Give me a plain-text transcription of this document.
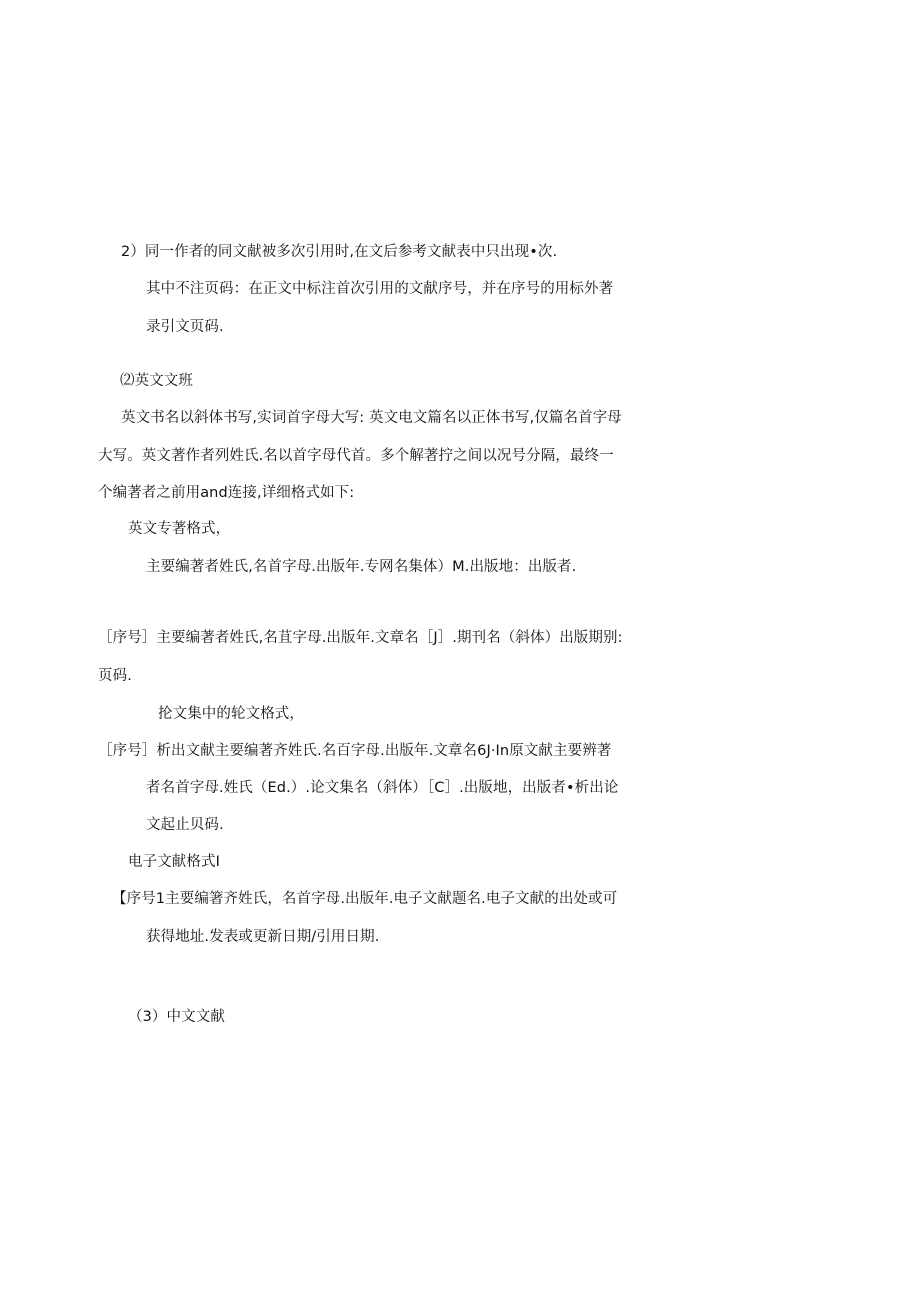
2）同一作者的同文献被多次引用时,在文后参考文献表中只出现•次.
其中不注页码：在正文中标注首次引用的文献序号，并在序号的用标外著
录引文页码.
⑵英文文班
英文书名以斜体书写,实词首字母大写: 英文电文篇名以正体书写,仅篇名首字母
大写。英文著作者列姓氏.名以首字母代首。多个解著拧之间以况号分隔，最终一
个编著者之前用and连接,详细格式如下:
英文专著格式，
主要编著者姓氏,名首字母.出版年.专网名集体）M.出版地：出版者.
［序号］主要编著者姓氏,名苴字母.出版年.文章名［J］.期刊名（斜体）出版期别:
页码.
抡文集中的轮文格式，
［序号］析出文献主要编著齐姓氏.名百字母.出版年.文章名6J·In原文献主要辨著
者名首字母.姓氏（Ed.）.论文集名（斜体）［C］.出版地，出版者•析出论
文起止贝码.
电子文献格式I
【序号1主要编箸齐姓氏，名首字母.出版年.电子文献题名.电子文献的出处或可
获得地址.发表或更新日期/引用日期.
（3）中文文献
